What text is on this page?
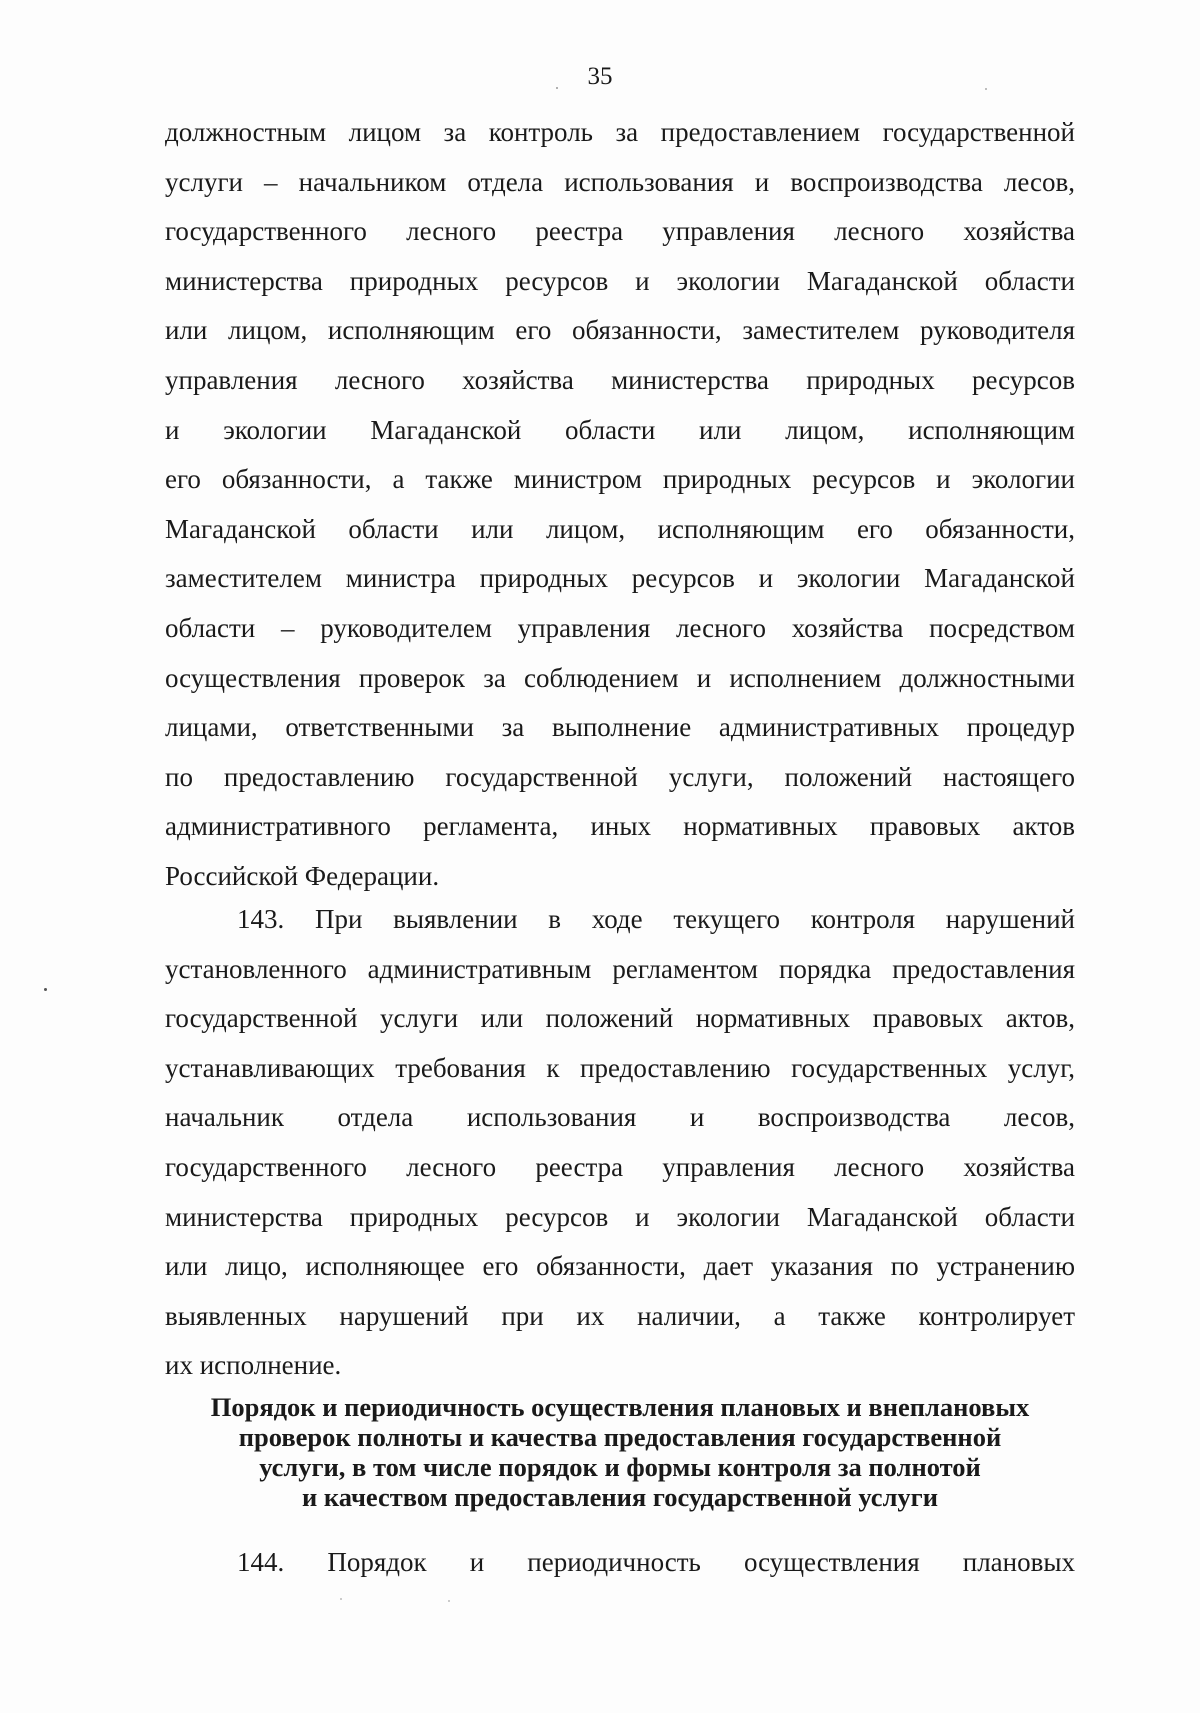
35
должностным лицом за контроль за предоставлением государственной
услуги – начальником отдела использования и воспроизводства лесов,
государственного лесного реестра управления лесного хозяйства
министерства природных ресурсов и экологии Магаданской области
или лицом, исполняющим его обязанности, заместителем руководителя
управления лесного хозяйства министерства природных ресурсов
и экологии Магаданской области или лицом, исполняющим
его обязанности, а также министром природных ресурсов и экологии
Магаданской области или лицом, исполняющим его обязанности,
заместителем министра природных ресурсов и экологии Магаданской
области – руководителем управления лесного хозяйства посредством
осуществления проверок за соблюдением и исполнением должностными
лицами, ответственными за выполнение административных процедур
по предоставлению государственной услуги, положений настоящего
административного регламента, иных нормативных правовых актов
Российской Федерации.
143. При выявлении в ходе текущего контроля нарушений
установленного административным регламентом порядка предоставления
государственной услуги или положений нормативных правовых актов,
устанавливающих требования к предоставлению государственных услуг,
начальник отдела использования и воспроизводства лесов,
государственного лесного реестра управления лесного хозяйства
министерства природных ресурсов и экологии Магаданской области
или лицо, исполняющее его обязанности, дает указания по устранению
выявленных нарушений при их наличии, а также контролирует
их исполнение.
Порядок и периодичность осуществления плановых и внеплановых
проверок полноты и качества предоставления государственной
услуги, в том числе порядок и формы контроля за полнотой
и качеством предоставления государственной услуги
144. Порядок и периодичность осуществления плановых
